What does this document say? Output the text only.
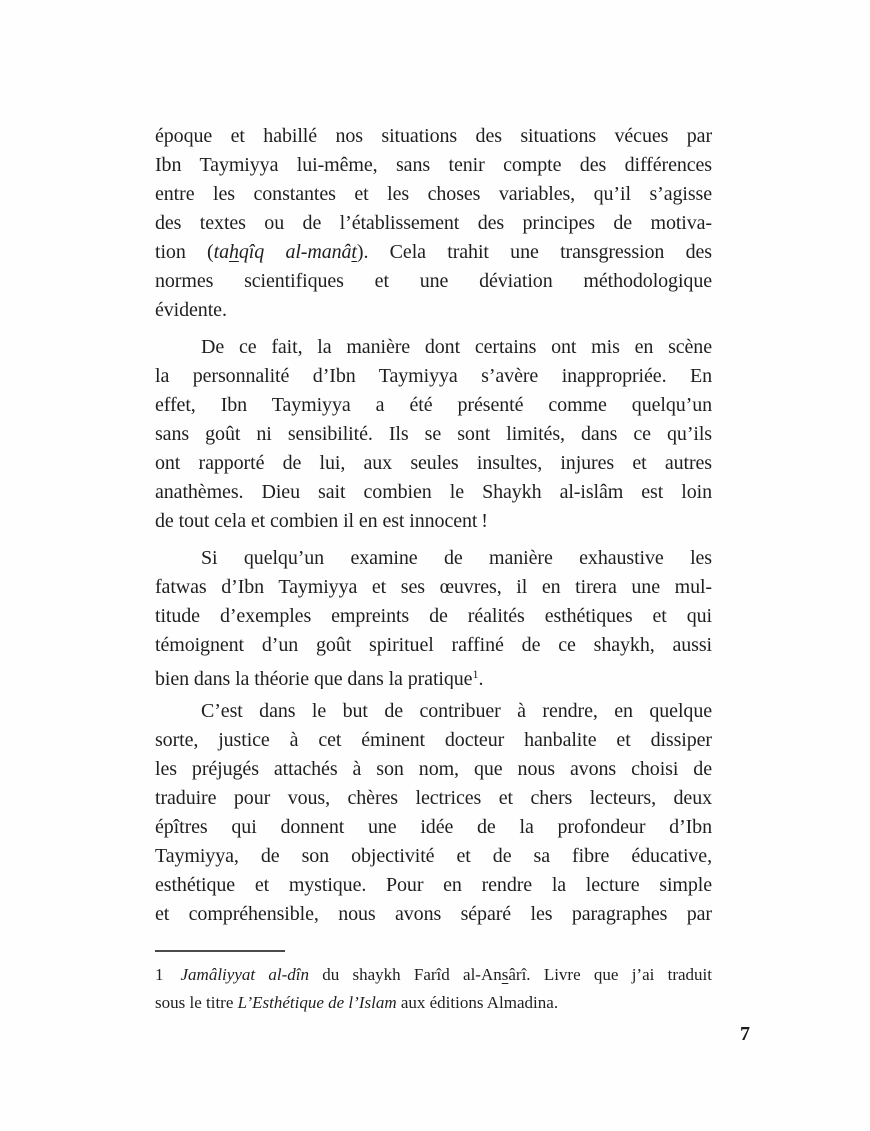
époque et habillé nos situations des situations vécues par
Ibn Taymiyya lui-même, sans tenir compte des différences
entre les constantes et les choses variables, qu’il s’agisse
des textes ou de l’établissement des principes de motiva-
tion (tahqîq al-manât). Cela trahit une transgression des
normes scientifiques et une déviation méthodologique
évidente.
De ce fait, la manière dont certains ont mis en scène
la personnalité d’Ibn Taymiyya s’avère inappropriée. En
effet, Ibn Taymiyya a été présenté comme quelqu’un
sans goût ni sensibilité. Ils se sont limités, dans ce qu’ils
ont rapporté de lui, aux seules insultes, injures et autres
anathèmes. Dieu sait combien le Shaykh al-islâm est loin
de tout cela et combien il en est innocent !
Si quelqu’un examine de manière exhaustive les
fatwas d’Ibn Taymiyya et ses œuvres, il en tirera une mul-
titude d’exemples empreints de réalités esthétiques et qui
témoignent d’un goût spirituel raffiné de ce shaykh, aussi
bien dans la théorie que dans la pratique$^1$.
C’est dans le but de contribuer à rendre, en quelque
sorte, justice à cet éminent docteur hanbalite et dissiper
les préjugés attachés à son nom, que nous avons choisi de
traduire pour vous, chères lectrices et chers lecteurs, deux
épîtres qui donnent une idée de la profondeur d’Ibn
Taymiyya, de son objectivité et de sa fibre éducative,
esthétique et mystique. Pour en rendre la lecture simple
et compréhensible, nous avons séparé les paragraphes par
1 Jamâliyyat al-dîn du shaykh Farîd al-Ansârî. Livre que j’ai traduit
sous le titre L’Esthétique de l’Islam aux éditions Almadina.
7
